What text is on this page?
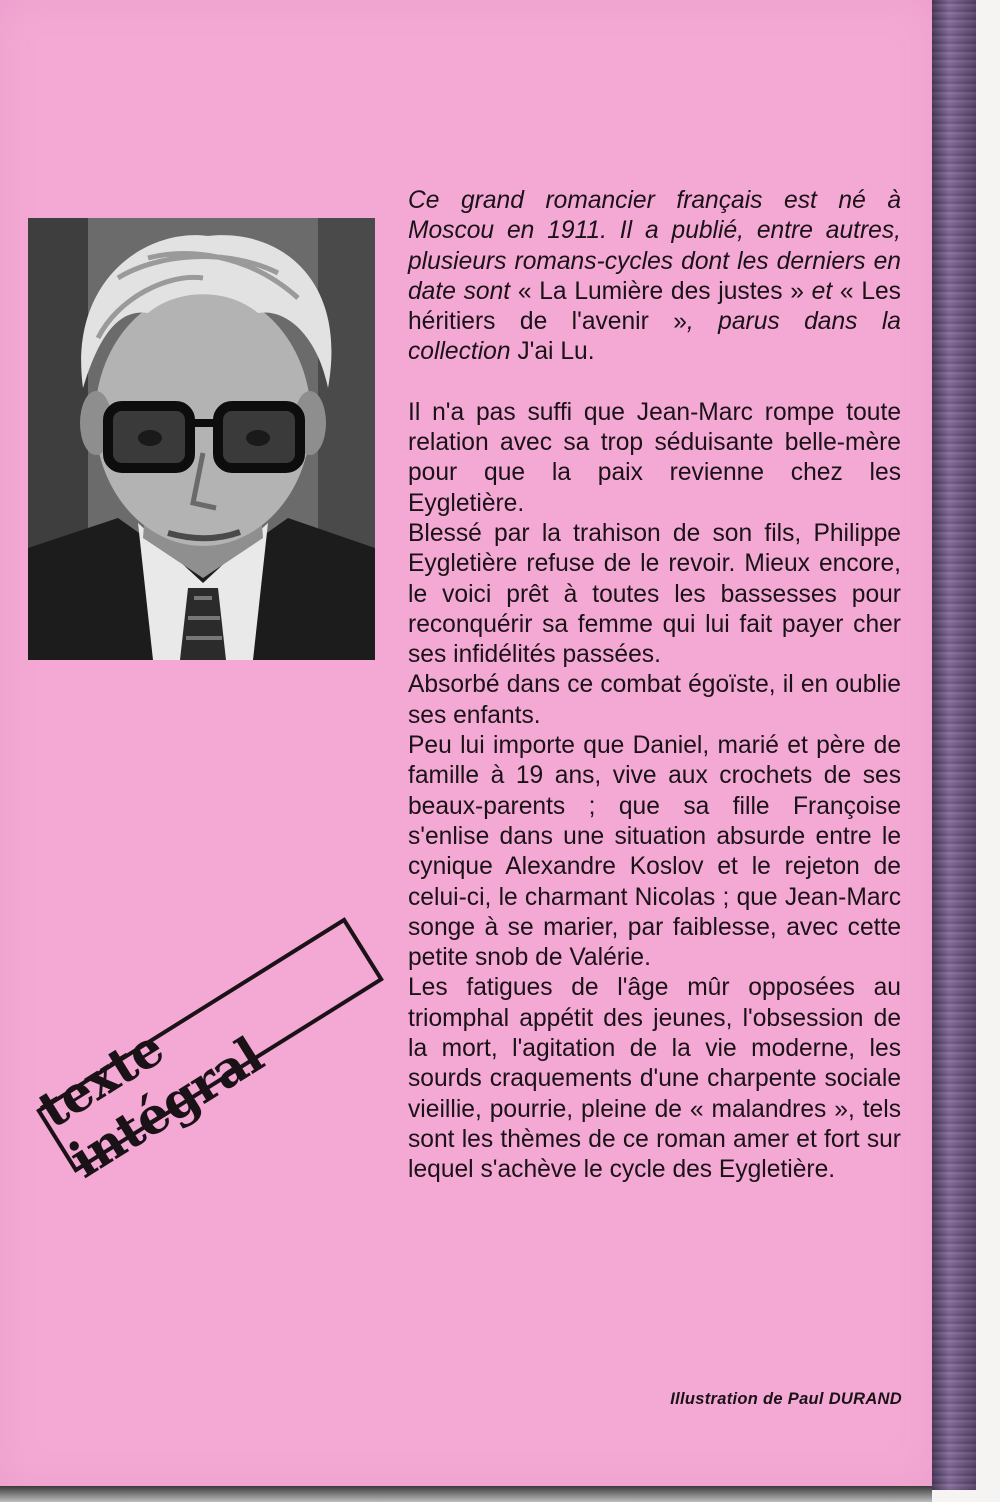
Ce grand romancier français est né à Moscou en 1911. Il a publié, entre autres, plusieurs romans-cycles dont les derniers en date sont « La Lumière des justes » et « Les héritiers de l'avenir », parus dans la collection J'ai Lu.

Il n'a pas suffi que Jean-Marc rompe toute relation avec sa trop séduisante belle-mère pour que la paix revienne chez les Eygletière.

Blessé par la trahison de son fils, Philippe Eygletière refuse de le revoir. Mieux encore, le voici prêt à toutes les bassesses pour reconquérir sa femme qui lui fait payer cher ses infidélités passées.

Absorbé dans ce combat égoïste, il en oublie ses enfants.

Peu lui importe que Daniel, marié et père de famille à 19 ans, vive aux crochets de ses beaux-parents ; que sa fille Françoise s'enlise dans une situation absurde entre le cynique Alexandre Koslov et le rejeton de celui-ci, le charmant Nicolas ; que Jean-Marc songe à se marier, par faiblesse, avec cette petite snob de Valérie.

Les fatigues de l'âge mûr opposées au triomphal appétit des jeunes, l'obsession de la mort, l'agitation de la vie moderne, les sourds craquements d'une charpente sociale vieillie, pourrie, pleine de « malandres », tels sont les thèmes de ce roman amer et fort sur lequel s'achève le cycle des Eygletière.

texte intégral
Illustration de Paul DURAND
